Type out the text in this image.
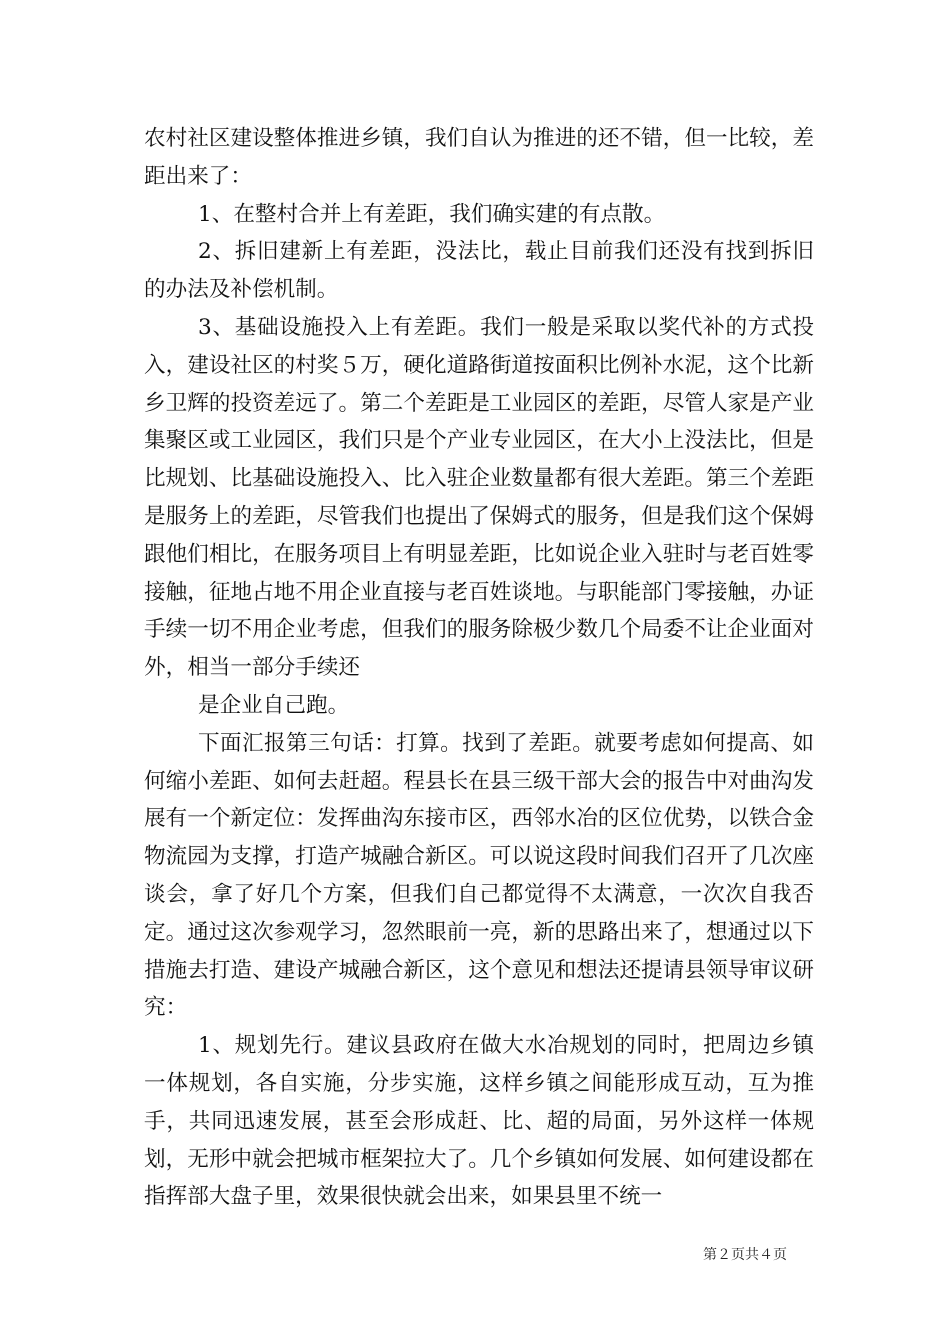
农村社区建设整体推进乡镇，我们自认为推进的还不错，但一比较，差距出来了：

1、在整村合并上有差距，我们确实建的有点散。

2、拆旧建新上有差距，没法比，载止目前我们还没有找到拆旧的办法及补偿机制。

3、基础设施投入上有差距。我们一般是采取以奖代补的方式投入，建设社区的村奖５万，硬化道路街道按面积比例补水泥，这个比新乡卫辉的投资差远了。第二个差距是工业园区的差距，尽管人家是产业集聚区或工业园区，我们只是个产业专业园区，在大小上没法比，但是比规划、比基础设施投入、比入驻企业数量都有很大差距。第三个差距是服务上的差距，尽管我们也提出了保姆式的服务，但是我们这个保姆跟他们相比，在服务项目上有明显差距，比如说企业入驻时与老百姓零接触，征地占地不用企业直接与老百姓谈地。与职能部门零接触，办证手续一切不用企业考虑，但我们的服务除极少数几个局委不让企业面对外，相当一部分手续还

是企业自己跑。

下面汇报第三句话：打算。找到了差距。就要考虑如何提高、如何缩小差距、如何去赶超。程县长在县三级干部大会的报告中对曲沟发展有一个新定位：发挥曲沟东接市区，西邻水冶的区位优势，以铁合金物流园为支撑，打造产城融合新区。可以说这段时间我们召开了几次座谈会，拿了好几个方案，但我们自己都觉得不太满意，一次次自我否定。通过这次参观学习，忽然眼前一亮，新的思路出来了，想通过以下措施去打造、建设产城融合新区，这个意见和想法还提请县领导审议研究：

1、规划先行。建议县政府在做大水冶规划的同时，把周边乡镇一体规划，各自实施，分步实施，这样乡镇之间能形成互动，互为推手，共同迅速发展，甚至会形成赶、比、超的局面，另外这样一体规划，无形中就会把城市框架拉大了。几个乡镇如何发展、如何建设都在指挥部大盘子里，效果很快就会出来，如果县里不统一

第２页共４页
